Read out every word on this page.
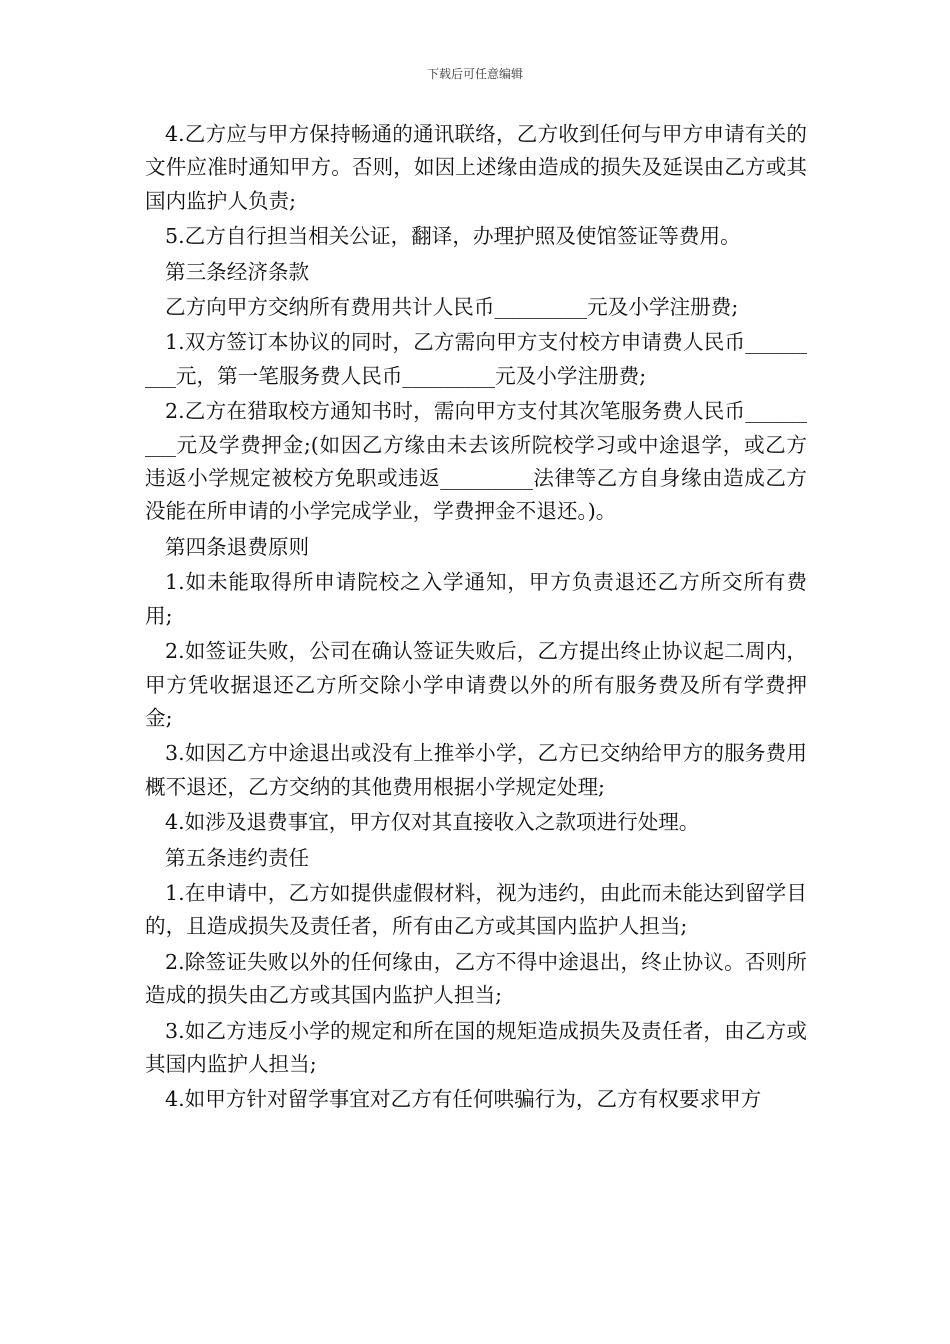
下载后可任意编辑

4.乙方应与甲方保持畅通的通讯联络，乙方收到任何与甲方申请有关的文件应准时通知甲方。否则，如因上述缘由造成的损失及延误由乙方或其国内监护人负责;

5.乙方自行担当相关公证，翻译，办理护照及使馆签证等费用。

第三条经济条款

乙方向甲方交纳所有费用共计人民币_________元及小学注册费;

1.双方签订本协议的同时，乙方需向甲方支付校方申请费人民币_________元，第一笔服务费人民币_________元及小学注册费;

2.乙方在猎取校方通知书时，需向甲方支付其次笔服务费人民币_________元及学费押金;(如因乙方缘由未去该所院校学习或中途退学，或乙方违返小学规定被校方免职或违返_________法律等乙方自身缘由造成乙方没能在所申请的小学完成学业，学费押金不退还。)。

第四条退费原则

1.如未能取得所申请院校之入学通知，甲方负责退还乙方所交所有费用;

2.如签证失败，公司在确认签证失败后，乙方提出终止协议起二周内，甲方凭收据退还乙方所交除小学申请费以外的所有服务费及所有学费押金;

3.如因乙方中途退出或没有上推举小学，乙方已交纳给甲方的服务费用概不退还，乙方交纳的其他费用根据小学规定处理;

4.如涉及退费事宜，甲方仅对其直接收入之款项进行处理。

第五条违约责任

1.在申请中，乙方如提供虚假材料，视为违约，由此而未能达到留学目的，且造成损失及责任者，所有由乙方或其国内监护人担当;

2.除签证失败以外的任何缘由，乙方不得中途退出，终止协议。否则所造成的损失由乙方或其国内监护人担当;

3.如乙方违反小学的规定和所在国的规矩造成损失及责任者，由乙方或其国内监护人担当;

4.如甲方针对留学事宜对乙方有任何哄骗行为，乙方有权要求甲方
